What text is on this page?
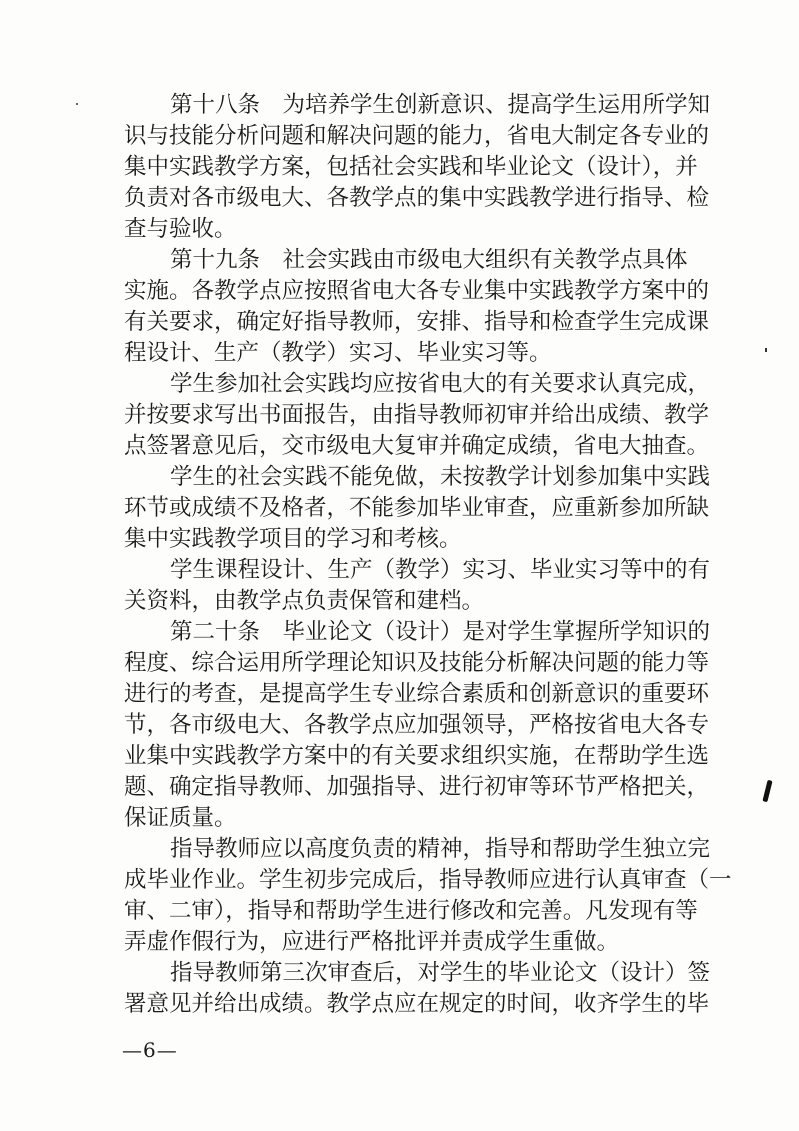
第十八条　为培养学生创新意识、提高学生运用所学知
识与技能分析问题和解决问题的能力，省电大制定各专业的
集中实践教学方案，包括社会实践和毕业论文（设计），并
负责对各市级电大、各教学点的集中实践教学进行指导、检
查与验收。
第十九条　社会实践由市级电大组织有关教学点具体
实施。各教学点应按照省电大各专业集中实践教学方案中的
有关要求，确定好指导教师，安排、指导和检查学生完成课
程设计、生产（教学）实习、毕业实习等。
学生参加社会实践均应按省电大的有关要求认真完成，
并按要求写出书面报告，由指导教师初审并给出成绩、教学
点签署意见后，交市级电大复审并确定成绩，省电大抽查。
学生的社会实践不能免做，未按教学计划参加集中实践
环节或成绩不及格者，不能参加毕业审查，应重新参加所缺
集中实践教学项目的学习和考核。
学生课程设计、生产（教学）实习、毕业实习等中的有
关资料，由教学点负责保管和建档。
第二十条　毕业论文（设计）是对学生掌握所学知识的
程度、综合运用所学理论知识及技能分析解决问题的能力等
进行的考查，是提高学生专业综合素质和创新意识的重要环
节，各市级电大、各教学点应加强领导，严格按省电大各专
业集中实践教学方案中的有关要求组织实施，在帮助学生选
题、确定指导教师、加强指导、进行初审等环节严格把关，
保证质量。
指导教师应以高度负责的精神，指导和帮助学生独立完
成毕业作业。学生初步完成后，指导教师应进行认真审查（一
审、二审），指导和帮助学生进行修改和完善。凡发现有等
弄虚作假行为，应进行严格批评并责成学生重做。
指导教师第三次审查后，对学生的毕业论文（设计）签
署意见并给出成绩。教学点应在规定的时间，收齐学生的毕
—6—
